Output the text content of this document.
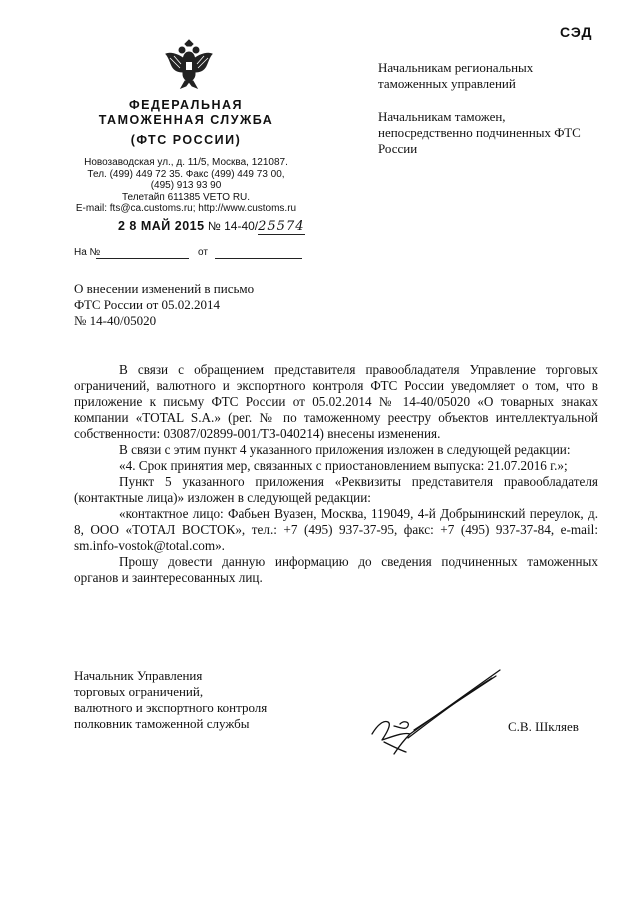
СЭД
ФЕДЕРАЛЬНАЯ
ТАМОЖЕННАЯ СЛУЖБА
(ФТС РОССИИ)
Новозаводская ул., д. 11/5, Москва, 121087.
Тел. (499) 449 72 35. Факс (499) 449 73 00,
(495) 913 93 90
Телетайп 611385 VETO RU.
E-mail: fts@ca.customs.ru; http://www.customs.ru
2 8 МАЙ 2015 № 14-40/25574
На №	от

Начальникам региональных таможенных управлений

Начальникам таможен, непосредственно подчиненных ФТС России

О внесении изменений в письмо
ФТС России от 05.02.2014
№ 14-40/05020

В связи с обращением представителя правообладателя Управление торговых ограничений, валютного и экспортного контроля ФТС России уведомляет о том, что в приложение к письму ФТС России от 05.02.2014 № 14-40/05020 «О товарных знаках компании «TOTAL S.A.» (рег. № по таможенному реестру объектов интеллектуальной собственности: 03087/02899-001/ТЗ-040214) внесены изменения.

В связи с этим пункт 4 указанного приложения изложен в следующей редакции:

«4. Срок принятия мер, связанных с приостановлением выпуска: 21.07.2016 г.»;

Пункт 5 указанного приложения «Реквизиты представителя правообладателя (контактные лица)» изложен в следующей редакции:

«контактное лицо: Фабьен Вуазен, Москва, 119049, 4-й Добрынинский переулок, д. 8, ООО «ТОТАЛ ВОСТОК», тел.: +7 (495) 937-37-95, факс: +7 (495) 937-37-84, e-mail: sm.info-vostok@total.com».

Прошу довести данную информацию до сведения подчиненных таможенных органов и заинтересованных лиц.

Начальник Управления
торговых ограничений,
валютного и экспортного контроля
полковник таможенной службы	С.В. Шкляев
